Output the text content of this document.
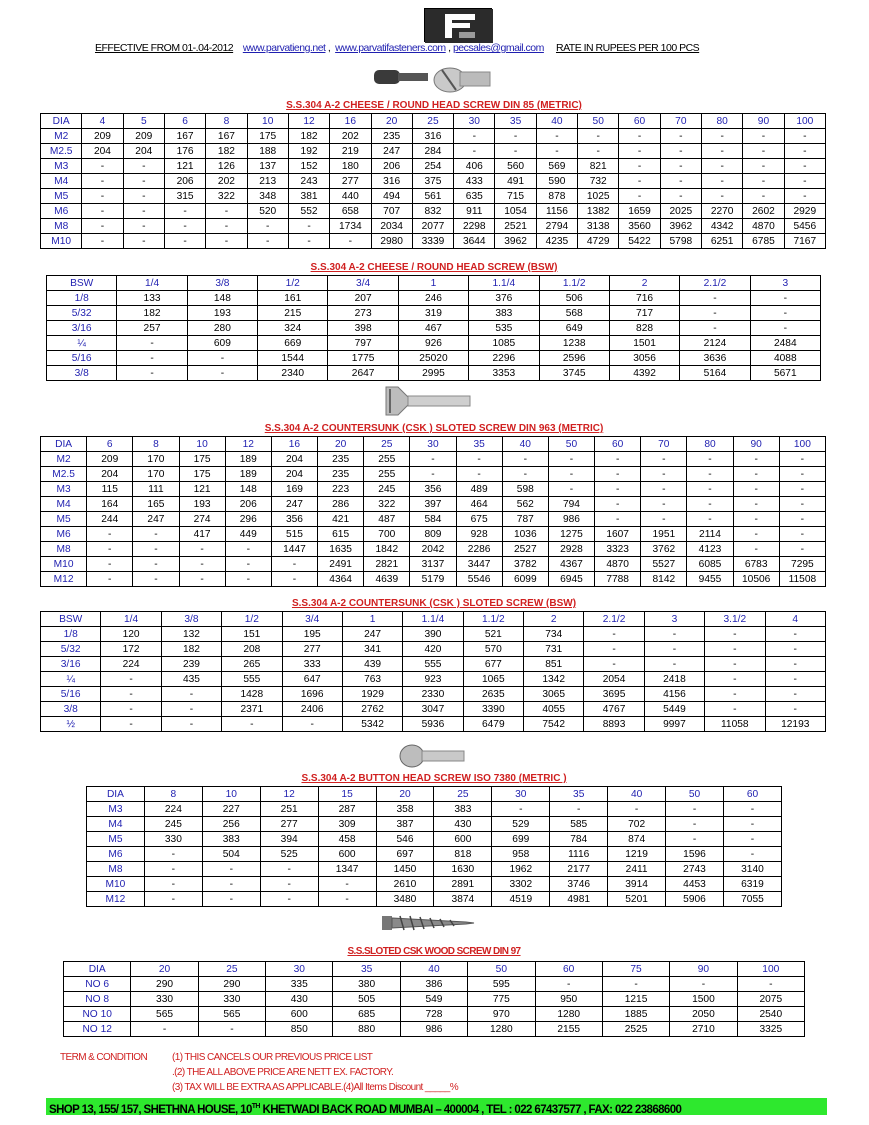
EFFECTIVE FROM 01-.04-2012 www.parvatieng.net ,  www.parvatifasteners.com , pecsales@gmail.com RATE IN RUPEES PER 100 PCS
S.S.304 A-2 CHEESE / ROUND HEAD SCREW DIN 85 (METRIC)
DIA	4	5	6	8	10	12	16	20	25	30	35	40	50	60	70	80	90	100
M2	209	209	167	167	175	182	202	235	316	-	-	-	-	-	-	-	-	-
M2.5	204	204	176	182	188	192	219	247	284	-	-	-	-	-	-	-	-	-
M3	-	-	121	126	137	152	180	206	254	406	560	569	821	-	-	-	-	-
M4	-	-	206	202	213	243	277	316	375	433	491	590	732	-	-	-	-	-
M5	-	-	315	322	348	381	440	494	561	635	715	878	1025	-	-	-	-	-
M6	-	-	-	-	520	552	658	707	832	911	1054	1156	1382	1659	2025	2270	2602	2929
M8	-	-	-	-	-	-	1734	2034	2077	2298	2521	2794	3138	3560	3962	4342	4870	5456
M10	-	-	-	-	-	-	-	2980	3339	3644	3962	4235	4729	5422	5798	6251	6785	7167
S.S.304 A-2 CHEESE / ROUND HEAD SCREW (BSW)
BSW	1/4	3/8	1/2	3/4	1	1.1/4	1.1/2	2	2.1/2	3
1/8	133	148	161	207	246	376	506	716	-	-
5/32	182	193	215	273	319	383	568	717	-	-
3/16	257	280	324	398	467	535	649	828	-	-
¼	-	609	669	797	926	1085	1238	1501	2124	2484
5/16	-	-	1544	1775	25020	2296	2596	3056	3636	4088
3/8	-	-	2340	2647	2995	3353	3745	4392	5164	5671
S.S.304 A-2 COUNTERSUNK (CSK ) SLOTED SCREW DIN 963 (METRIC)
DIA	6	8	10	12	16	20	25	30	35	40	50	60	70	80	90	100
M2	209	170	175	189	204	235	255	-	-	-	-	-	-	-	-	-
M2.5	204	170	175	189	204	235	255	-	-	-	-	-	-	-	-	-
M3	115	111	121	148	169	223	245	356	489	598	-	-	-	-	-	-
M4	164	165	193	206	247	286	322	397	464	562	794	-	-	-	-	-
M5	244	247	274	296	356	421	487	584	675	787	986	-	-	-	-	-
M6	-	-	417	449	515	615	700	809	928	1036	1275	1607	1951	2114	-	-
M8	-	-	-	-	1447	1635	1842	2042	2286	2527	2928	3323	3762	4123	-	-
M10	-	-	-	-	-	2491	2821	3137	3447	3782	4367	4870	5527	6085	6783	7295
M12	-	-	-	-	-	4364	4639	5179	5546	6099	6945	7788	8142	9455	10506	11508
S.S.304 A-2 COUNTERSUNK (CSK ) SLOTED SCREW (BSW)
BSW	1/4	3/8	1/2	3/4	1	1.1/4	1.1/2	2	2.1/2	3	3.1/2	4
1/8	120	132	151	195	247	390	521	734	-	-	-	-
5/32	172	182	208	277	341	420	570	731	-	-	-	-
3/16	224	239	265	333	439	555	677	851	-	-	-	-
¼	-	435	555	647	763	923	1065	1342	2054	2418	-	-
5/16	-	-	1428	1696	1929	2330	2635	3065	3695	4156	-	-
3/8	-	-	2371	2406	2762	3047	3390	4055	4767	5449	-	-
½	-	-	-	-	5342	5936	6479	7542	8893	9997	11058	12193
S.S.304 A-2 BUTTON HEAD SCREW ISO 7380 (METRIC )
DIA	8	10	12	15	20	25	30	35	40	50	60
M3	224	227	251	287	358	383	-	-	-	-	-
M4	245	256	277	309	387	430	529	585	702	-	-
M5	330	383	394	458	546	600	699	784	874	-	-
M6	-	504	525	600	697	818	958	1116	1219	1596	-
M8	-	-	-	1347	1450	1630	1962	2177	2411	2743	3140
M10	-	-	-	-	2610	2891	3302	3746	3914	4453	6319
M12	-	-	-	-	3480	3874	4519	4981	5201	5906	7055
S.S.SLOTED CSK WOOD SCREW DIN 97
DIA	20	25	30	35	40	50	60	75	90	100
NO 6	290	290	335	380	386	595	-	-	-	-
NO 8	330	330	430	505	549	775	950	1215	1500	2075
NO 10	565	565	600	685	728	970	1280	1885	2050	2540
NO 12	-	-	850	880	986	1280	2155	2525	2710	3325
TERM & CONDITION (1) THIS CANCELS OUR PREVIOUS PRICE LIST
.(2) THE ALL ABOVE PRICE ARE NETT EX. FACTORY.
(3) TAX WILL BE EXTRA AS APPLICABLE.(4)All Items Discount _____%
SHOP 13, 155/ 157, SHETHNA HOUSE, 10TH KHETWADI BACK ROAD MUMBAI – 400004 , TEL : 022 67437577 , FAX: 022 23868600
